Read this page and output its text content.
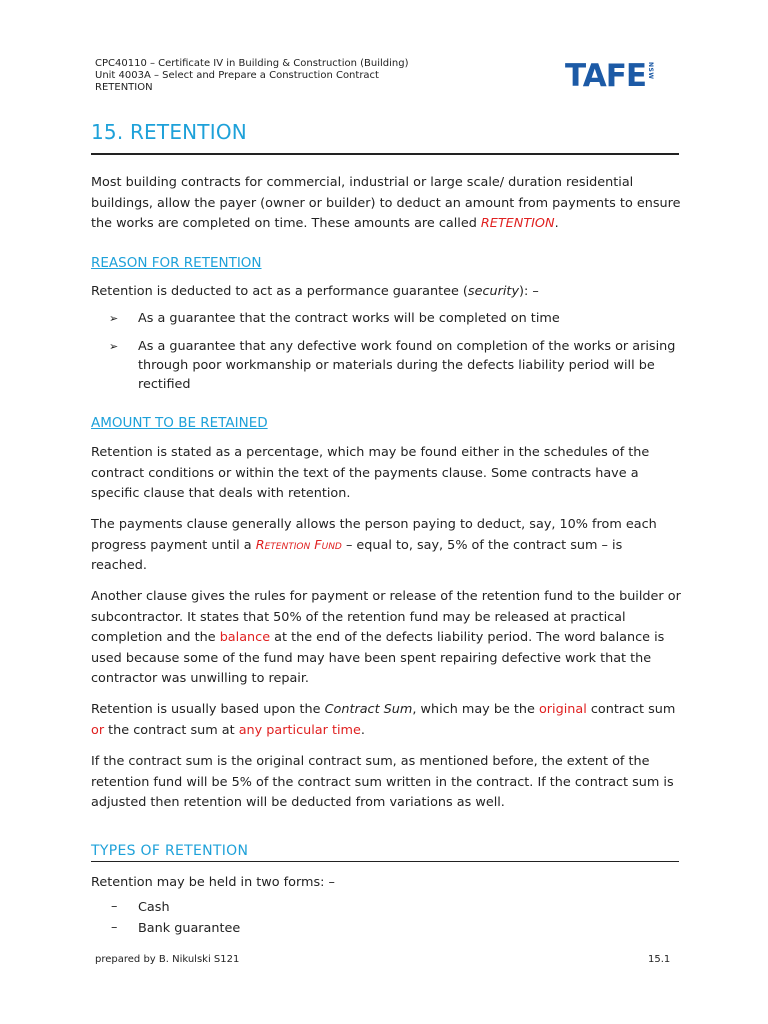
CPC40110 – Certificate IV in Building & Construction (Building)
Unit 4003A – Select and Prepare a Construction Contract
RETENTION	TAFE NSW
15. RETENTION
Most building contracts for commercial, industrial or large scale/ duration residential buildings, allow the payer (owner or builder) to deduct an amount from payments to ensure the works are completed on time. These amounts are called RETENTION.
REASON FOR RETENTION
Retention is deducted to act as a performance guarantee (security): –
➢ As a guarantee that the contract works will be completed on time
➢ As a guarantee that any defective work found on completion of the works or arising through poor workmanship or materials during the defects liability period will be rectified
AMOUNT TO BE RETAINED
Retention is stated as a percentage, which may be found either in the schedules of the contract conditions or within the text of the payments clause. Some contracts have a specific clause that deals with retention.
The payments clause generally allows the person paying to deduct, say, 10% from each progress payment until a Retention Fund – equal to, say, 5% of the contract sum – is reached.
Another clause gives the rules for payment or release of the retention fund to the builder or subcontractor. It states that 50% of the retention fund may be released at practical completion and the balance at the end of the defects liability period. The word balance is used because some of the fund may have been spent repairing defective work that the contractor was unwilling to repair.
Retention is usually based upon the Contract Sum, which may be the original contract sum or the contract sum at any particular time.
If the contract sum is the original contract sum, as mentioned before, the extent of the retention fund will be 5% of the contract sum written in the contract. If the contract sum is adjusted then retention will be deducted from variations as well.
TYPES OF RETENTION
Retention may be held in two forms: –
– Cash
– Bank guarantee
prepared by B. Nikulski S121	15.1
